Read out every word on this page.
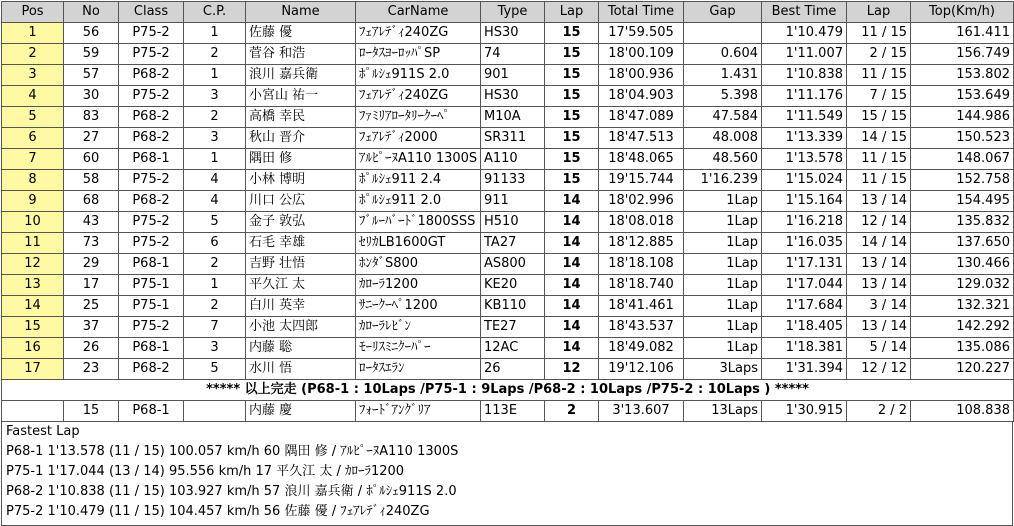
Pos	No	Class	C.P.	Name	CarName	Type	Lap	Total Time	Gap	Best Time	Lap	Top(Km/h)
1	56	P75-2	1	佐藤 優	ﾌｪｱﾚﾃﾞｨ240ZG	HS30	15	17'59.505		1'10.479	11 / 15	161.411
2	59	P75-2	2	菅谷 和浩	ﾛｰﾀｽﾖｰﾛｯﾊﾟSP	74	15	18'00.109	0.604	1'11.007	2 / 15	156.749
3	57	P68-2	1	浪川 嘉兵衛	ﾎﾟﾙｼｪ911S 2.0	901	15	18'00.936	1.431	1'10.838	11 / 15	153.802
4	30	P75-2	3	小宮山 祐一	ﾌｪｱﾚﾃﾞｨ240ZG	HS30	15	18'04.903	5.398	1'11.176	7 / 15	153.649
5	83	P68-2	2	高橋 幸民	ﾌｧﾐﾘｱﾛｰﾀﾘｰｸｰﾍﾟ	M10A	15	18'47.089	47.584	1'11.549	15 / 15	144.986
6	27	P68-2	3	秋山 晋介	ﾌｪｱﾚﾃﾞｨ2000	SR311	15	18'47.513	48.008	1'13.339	14 / 15	150.523
7	60	P68-1	1	隅田 修	ｱﾙﾋﾟｰﾇA110 1300S	A110	15	18'48.065	48.560	1'13.578	11 / 15	148.067
8	58	P75-2	4	小林 博明	ﾎﾟﾙｼｪ911 2.4	91133	15	19'15.744	1'16.239	1'15.024	11 / 15	152.758
9	68	P68-2	4	川口 公広	ﾎﾟﾙｼｪ911 2.0	911	14	18'02.996	1Lap	1'15.164	13 / 14	154.495
10	43	P75-2	5	金子 敦弘	ﾌﾞﾙｰﾊﾞｰﾄﾞ1800SSS	H510	14	18'08.018	1Lap	1'16.218	12 / 14	135.832
11	73	P75-2	6	石毛 幸雄	ｾﾘｶLB1600GT	TA27	14	18'12.885	1Lap	1'16.035	14 / 14	137.650
12	29	P68-1	2	吉野 壮悟	ﾎﾝﾀﾞS800	AS800	14	18'18.108	1Lap	1'17.131	13 / 14	130.466
13	17	P75-1	1	平久江 太	ｶﾛｰﾗ1200	KE20	14	18'18.740	1Lap	1'17.044	13 / 14	129.032
14	25	P75-1	2	白川 英幸	ｻﾆｰｸｰﾍﾟ1200	KB110	14	18'41.461	1Lap	1'17.684	3 / 14	132.321
15	37	P75-2	7	小池 太四郎	ｶﾛｰﾗﾚﾋﾞﾝ	TE27	14	18'43.537	1Lap	1'18.405	13 / 14	142.292
16	26	P68-1	3	内藤 聡	ﾓｰﾘｽﾐﾆｸｰﾊﾟｰ	12AC	14	18'49.082	1Lap	1'18.381	5 / 14	135.086
17	23	P68-2	5	水川 悟	ﾛｰﾀｽｴﾗﾝ	26	12	19'12.106	3Laps	1'31.394	12 / 12	120.227
***** 以上完走 (P68-1 : 10Laps /P75-1 : 9Laps /P68-2 : 10Laps /P75-2 : 10Laps ) *****												
	15	P68-1		内藤 慶	ﾌｫｰﾄﾞｱﾝｸﾞﾘｱ	113E	2	3'13.607	13Laps	1'30.915	2 / 2	108.838
Fastest Lap
P68-1 1'13.578 (11 / 15) 100.057 km/h 60 隅田 修 / ｱﾙﾋﾟｰﾇA110 1300S
P75-1 1'17.044 (13 / 14) 95.556 km/h 17 平久江 太 / ｶﾛｰﾗ1200
P68-2 1'10.838 (11 / 15) 103.927 km/h 57 浪川 嘉兵衛 / ﾎﾟﾙｼｪ911S 2.0
P75-2 1'10.479 (11 / 15) 104.457 km/h 56 佐藤 優 / ﾌｪｱﾚﾃﾞｨ240ZG
